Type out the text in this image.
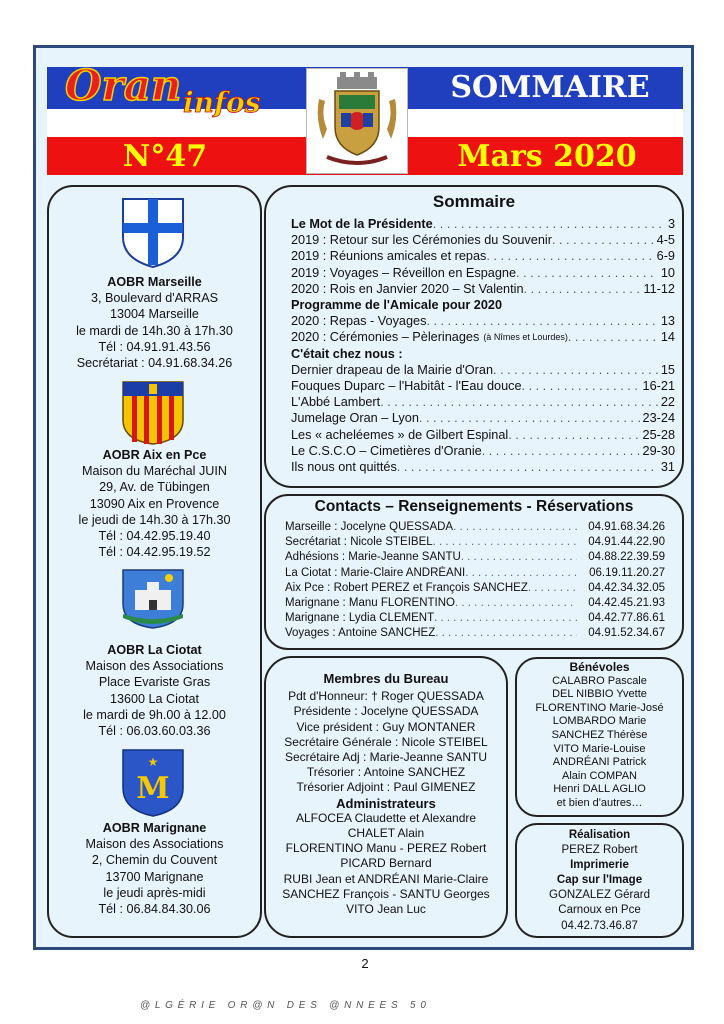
Oran infos	SOMMAIRE
N°47	Mars 2020
M
★
AOBR Marseille
3, Boulevard d'ARRAS
13004 Marseille
le mardi de 14h.30 à 17h.30
Tél : 04.91.91.43.56
Secrétariat : 04.91.68.34.26
AOBR Aix en Pce
Maison du Maréchal JUIN
29, Av. de Tübingen
13090 Aix en Provence
le jeudi de 14h.30 à 17h.30
Tél : 04.42.95.19.40
Tél : 04.42.95.19.52
AOBR La Ciotat
Maison des Associations
Place Evariste Gras
13600 La Ciotat
le mardi de 9h.00 à 12.00
Tél : 06.03.60.03.36
AOBR Marignane
Maison des Associations
2, Chemin du Couvent
13700 Marignane
le jeudi après-midi
Tél : 06.84.84.30.06
Sommaire
Le Mot de la Présidente . . .	3
2019 : Retour sur les Cérémonies du Souvenir . . .	4-5
2019 : Réunions amicales et repas . . .	6-9
2019 : Voyages – Réveillon en Espagne . . .	10
2020 : Rois en Janvier 2020 – St Valentin . . .	11-12
Programme de l'Amicale pour 2020
2020 : Repas - Voyages . . .	13
2020 : Cérémonies – Pèlerinages (à Nîmes et Lourdes) . . .	14
C'était chez nous :
Dernier drapeau de la Mairie d'Oran . . .	15
Fouques Duparc – l'Habitât - l'Eau douce . . .	16-21
L'Abbé Lambert . . .	22
Jumelage Oran – Lyon . . .	23-24
Les « acheléemes » de Gilbert Espinal . . .	25-28
Le C.S.C.O – Cimetières d'Oranie . . .	29-30
Ils nous ont quittés . . .	31
Contacts – Renseignements - Réservations
Marseille : Jocelyne QUESSADA . . .	04.91.68.34.26
Secrétariat : Nicole STEIBEL . . .	04.91.44.22.90
Adhésions : Marie-Jeanne SANTU . . .	04.88.22.39.59
La Ciotat : Marie-Claire ANDRÉANI . . .	06.19.11.20.27
Aix Pce : Robert PEREZ et François SANCHEZ . . .	04.42.34.32.05
Marignane : Manu FLORENTINO . . .	04.42.45.21.93
Marignane : Lydia CLEMENT . . .	04.42.77.86.61
Voyages : Antoine SANCHEZ . . .	04.91.52.34.67
Membres du Bureau
Pdt d'Honneur: † Roger QUESSADA
Présidente : Jocelyne QUESSADA
Vice président : Guy MONTANER
Secrétaire Générale : Nicole STEIBEL
Secrétaire Adj : Marie-Jeanne SANTU
Trésorier : Antoine SANCHEZ
Trésorier Adjoint : Paul GIMENEZ
Administrateurs
ALFOCEA Claudette et Alexandre
CHALET Alain
FLORENTINO Manu - PEREZ Robert
PICARD Bernard
RUBI Jean et ANDRÉANI Marie-Claire
SANCHEZ François - SANTU Georges
VITO Jean Luc
Bénévoles
CALABRO Pascale
DEL NIBBIO Yvette
FLORENTINO Marie-José
LOMBARDO Marie
SANCHEZ Thérèse
VITO Marie-Louise
ANDRÉANI Patrick
Alain COMPAN
Henri DALL AGLIO
et bien d'autres…
Réalisation
PEREZ Robert
Imprimerie
Cap sur l'Image
GONZALEZ Gérard
Carnoux en Pce
04.42.73.46.87
2
@ L G É R I E   O R @ N   D E S   @ N N E E S   5 0
